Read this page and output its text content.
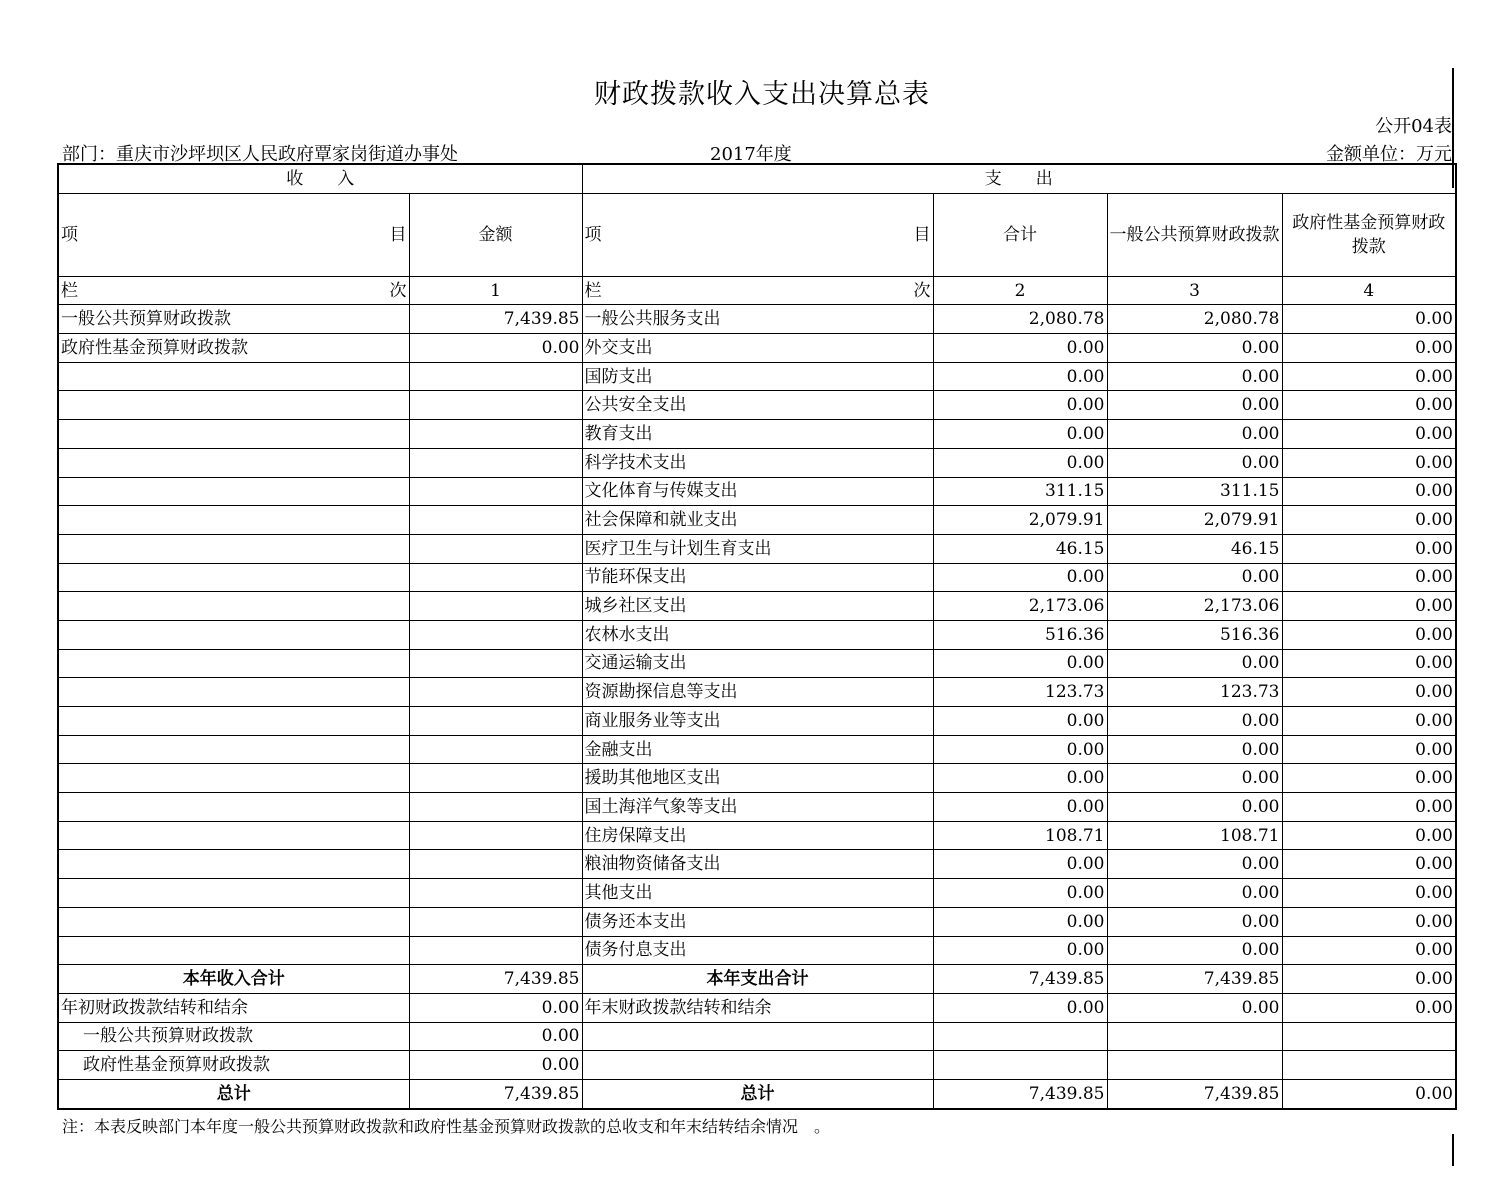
财政拨款收入支出决算总表
公开04表
部门：重庆市沙坪坝区人民政府覃家岗街道办事处	2017年度	金额单位：万元
收　　入		支　　出			

项 目	金额	项 目	合计	一般公共预算财政拨款	政府性基金预算财政拨款

栏 次	1	栏 次	2	3	4
一般公共预算财政拨款	7,439.85	一般公共服务支出	2,080.78	2,080.78	0.00
政府性基金预算财政拨款	0.00	外交支出	0.00	0.00	0.00
		国防支出	0.00	0.00	0.00
		公共安全支出	0.00	0.00	0.00
		教育支出	0.00	0.00	0.00
		科学技术支出	0.00	0.00	0.00
		文化体育与传媒支出	311.15	311.15	0.00
		社会保障和就业支出	2,079.91	2,079.91	0.00
		医疗卫生与计划生育支出	46.15	46.15	0.00
		节能环保支出	0.00	0.00	0.00
		城乡社区支出	2,173.06	2,173.06	0.00
		农林水支出	516.36	516.36	0.00
		交通运输支出	0.00	0.00	0.00
		资源勘探信息等支出	123.73	123.73	0.00
		商业服务业等支出	0.00	0.00	0.00
		金融支出	0.00	0.00	0.00
		援助其他地区支出	0.00	0.00	0.00
		国土海洋气象等支出	0.00	0.00	0.00
		住房保障支出	108.71	108.71	0.00
		粮油物资储备支出	0.00	0.00	0.00
		其他支出	0.00	0.00	0.00
		债务还本支出	0.00	0.00	0.00
		债务付息支出	0.00	0.00	0.00
本年收入合计	7,439.85	本年支出合计	7,439.85	7,439.85	0.00
年初财政拨款结转和结余	0.00	年末财政拨款结转和结余	0.00	0.00	0.00
一般公共预算财政拨款	0.00				
政府性基金预算财政拨款	0.00				
总计	7,439.85	总计	7,439.85	7,439.85	0.00
注：本表反映部门本年度一般公共预算财政拨款和政府性基金预算财政拨款的总收支和年末结转结余情况　。
